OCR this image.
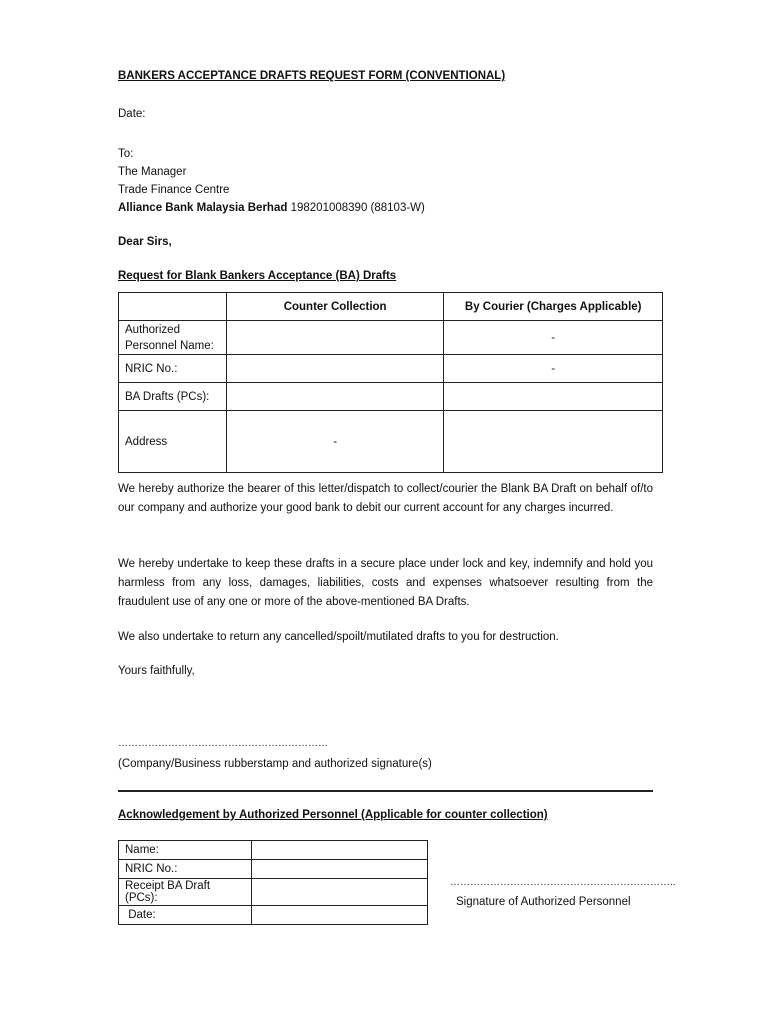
BANKERS ACCEPTANCE DRAFTS REQUEST FORM (CONVENTIONAL)
Date:
To:
The Manager
Trade Finance Centre
Alliance Bank Malaysia Berhad 198201008390 (88103-W)
Dear Sirs,
Request for Blank Bankers Acceptance (BA) Drafts
	Counter Collection	By Courier (Charges Applicable)
Authorized Personnel Name:		-
NRIC No.:		-
BA Drafts (PCs):		
Address	-	
We hereby authorize the bearer of this letter/dispatch to collect/courier the Blank BA Draft on behalf of/to our company and authorize your good bank to debit our current account for any charges incurred.
We hereby undertake to keep these drafts in a secure place under lock and key, indemnify and hold you harmless from any loss, damages, liabilities, costs and expenses whatsoever resulting from the fraudulent use of any one or more of the above-mentioned BA Drafts.
We also undertake to return any cancelled/spoilt/mutilated drafts to you for destruction.
Yours faithfully,
………………………………………………………
(Company/Business rubberstamp and authorized signature(s)
Acknowledgement by Authorized Personnel (Applicable for counter collection)
Name:	
NRIC No.:	
Receipt BA Draft (PCs):	
Date:	
…………………………………………………………..
Signature of Authorized Personnel
